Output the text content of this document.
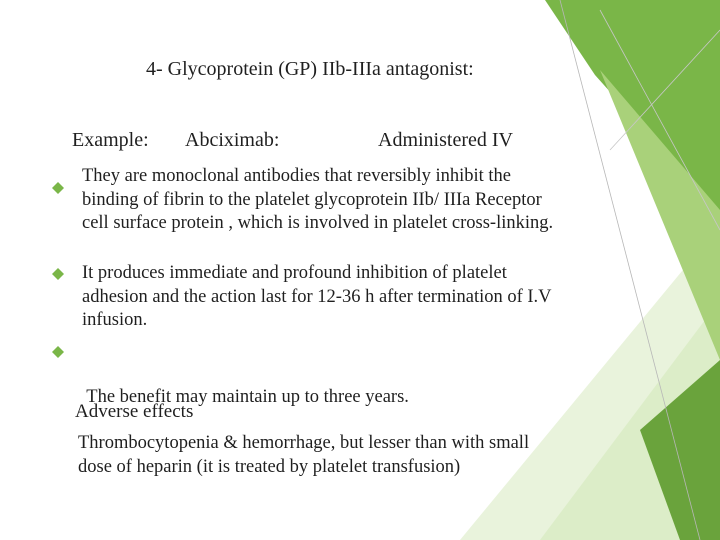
4- Glycoprotein (GP) IIb-IIIa antagonist:
Example: Abciximab:	Administered IV
They are monoclonal antibodies that reversibly inhibit the
binding of fibrin to the platelet glycoprotein IIb/ IIIa Receptor
cell surface protein , which is involved in platelet cross-linking.
It produces immediate and profound inhibition of platelet
adhesion and the action last for 12-36 h after termination of I.V
infusion.

The benefit may maintain up to three years.

Adverse effects
Thrombocytopenia & hemorrhage, but lesser than with small
dose of heparin (it is treated by platelet transfusion)
